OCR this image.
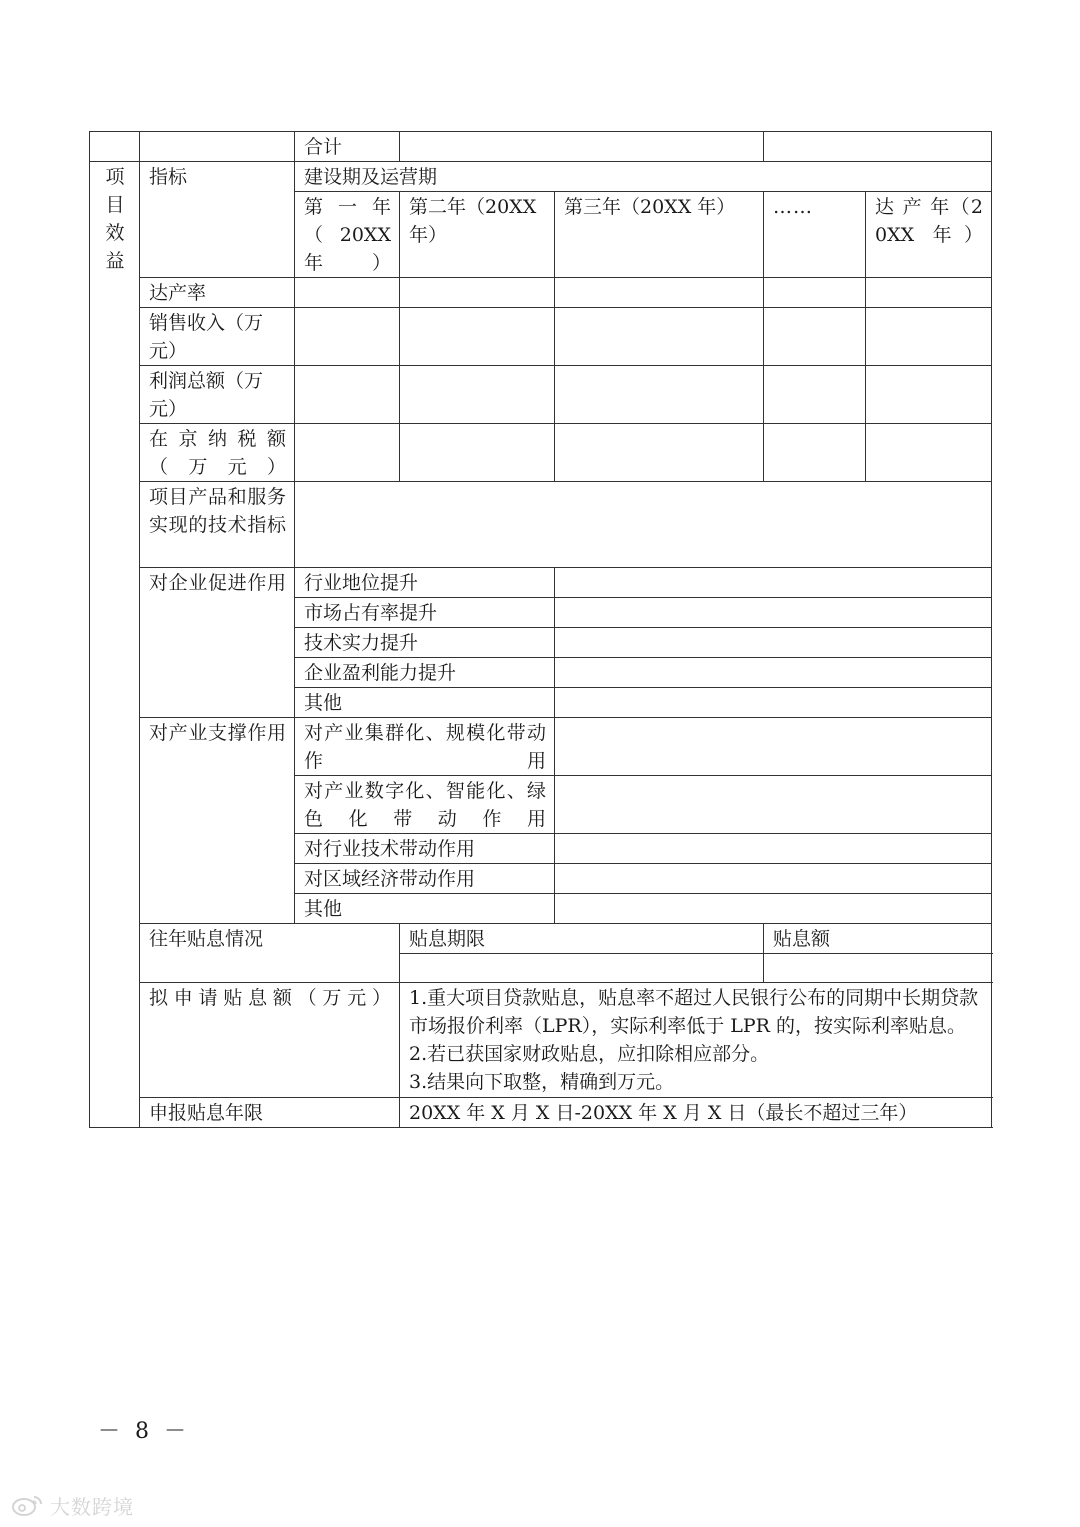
		合计				

项
目
效
益	指标	建设期及运营期				
		第 一 年 （ 20XX 年）	第二年（20XX 年）	第三年（20XX 年）	……	达 产 年（20XX 年）
	达产率					
	销售收入（万元）					
	利润总额（万元）					
	在 京 纳 税 额（万元）					
	项目产品和服务实现的技术指标					
	对企业促进作用	行业地位提升				
		市场占有率提升				
		技术实力提升				
		企业盈利能力提升				
		其他				
	对产业支撑作用	对产业集群化、规模化带动作用				
		对产业数字化、智能化、绿色化带动作用				
		对行业技术带动作用				
		对区域经济带动作用				
		其他				
	往年贴息情况		贴息期限		贴息额	

	拟申请贴息额（万元）		1.重大项目贷款贴息，贴息率不超过人民银行公布的同期中长期贷款市场报价利率（LPR），实际利率低于 LPR 的，按实际利率贴息。
2.若已获国家财政贴息，应扣除相应部分。
3.结果向下取整，精确到万元。			

	申报贴息年限		20XX 年 X 月 X 日-20XX 年 X 月 X 日（最长不超过三年）			
－ 8 －
大数跨境
